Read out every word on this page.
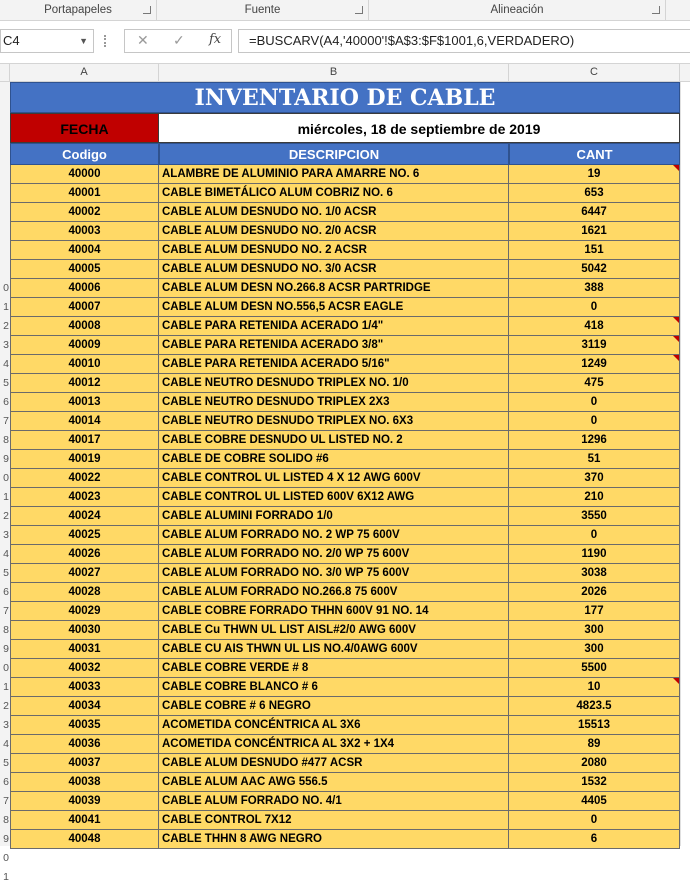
Portapapeles	Fuente	Alineación
C4	▼	✕ ✓ fx	=BUSCARV(A4,'40000'!$A$3:$F$1001,6,VERDADERO)
A	B	C
0
1
2
3
4
5
6
7
8
9
0
1
2
3
4
5
6
7
8
9
0
1
2
3
4
5
6
7
8
9
0
1
INVENTARIO DE CABLE
FECHA	miércoles, 18 de septiembre de 2019
Codigo	DESCRIPCION	CANT
40000	ALAMBRE DE ALUMINIO PARA AMARRE NO. 6	19
40001	CABLE BIMETÁLICO ALUM COBRIZ NO. 6	653
40002	CABLE ALUM DESNUDO NO. 1/0 ACSR	6447
40003	CABLE ALUM DESNUDO NO. 2/0 ACSR	1621
40004	CABLE ALUM DESNUDO NO. 2 ACSR	151
40005	CABLE ALUM DESNUDO NO. 3/0 ACSR	5042
40006	CABLE ALUM DESN NO.266.8 ACSR PARTRIDGE	388
40007	CABLE ALUM DESN NO.556,5 ACSR EAGLE	0
40008	CABLE PARA RETENIDA ACERADO 1/4"	418
40009	CABLE PARA RETENIDA ACERADO 3/8"	3119
40010	CABLE PARA RETENIDA ACERADO 5/16"	1249
40012	CABLE NEUTRO DESNUDO TRIPLEX NO. 1/0	475
40013	CABLE NEUTRO DESNUDO TRIPLEX 2X3	0
40014	CABLE NEUTRO DESNUDO TRIPLEX NO. 6X3	0
40017	CABLE COBRE DESNUDO UL LISTED NO. 2	1296
40019	CABLE DE COBRE SOLIDO #6	51
40022	CABLE CONTROL UL LISTED 4 X 12 AWG 600V	370
40023	CABLE CONTROL UL LISTED 600V 6X12 AWG	210
40024	CABLE ALUMINI FORRADO 1/0	3550
40025	CABLE ALUM FORRADO NO. 2 WP 75 600V	0
40026	CABLE ALUM FORRADO NO. 2/0 WP 75 600V	1190
40027	CABLE ALUM FORRADO NO. 3/0 WP 75 600V	3038
40028	CABLE ALUM FORRADO NO.266.8 75 600V	2026
40029	CABLE COBRE FORRADO THHN 600V 91 NO. 14	177
40030	CABLE Cu THWN UL LIST AISL#2/0 AWG 600V	300
40031	CABLE CU AIS THWN UL LIS NO.4/0AWG 600V	300
40032	CABLE COBRE VERDE # 8	5500
40033	CABLE COBRE BLANCO # 6	10
40034	CABLE COBRE # 6 NEGRO	4823.5
40035	ACOMETIDA CONCÉNTRICA AL 3X6	15513
40036	ACOMETIDA CONCÉNTRICA AL 3X2 + 1X4	89
40037	CABLE ALUM DESNUDO #477 ACSR	2080
40038	CABLE ALUM AAC AWG 556.5	1532
40039	CABLE ALUM FORRADO NO. 4/1	4405
40041	CABLE CONTROL 7X12	0
40048	CABLE THHN 8 AWG NEGRO	6
